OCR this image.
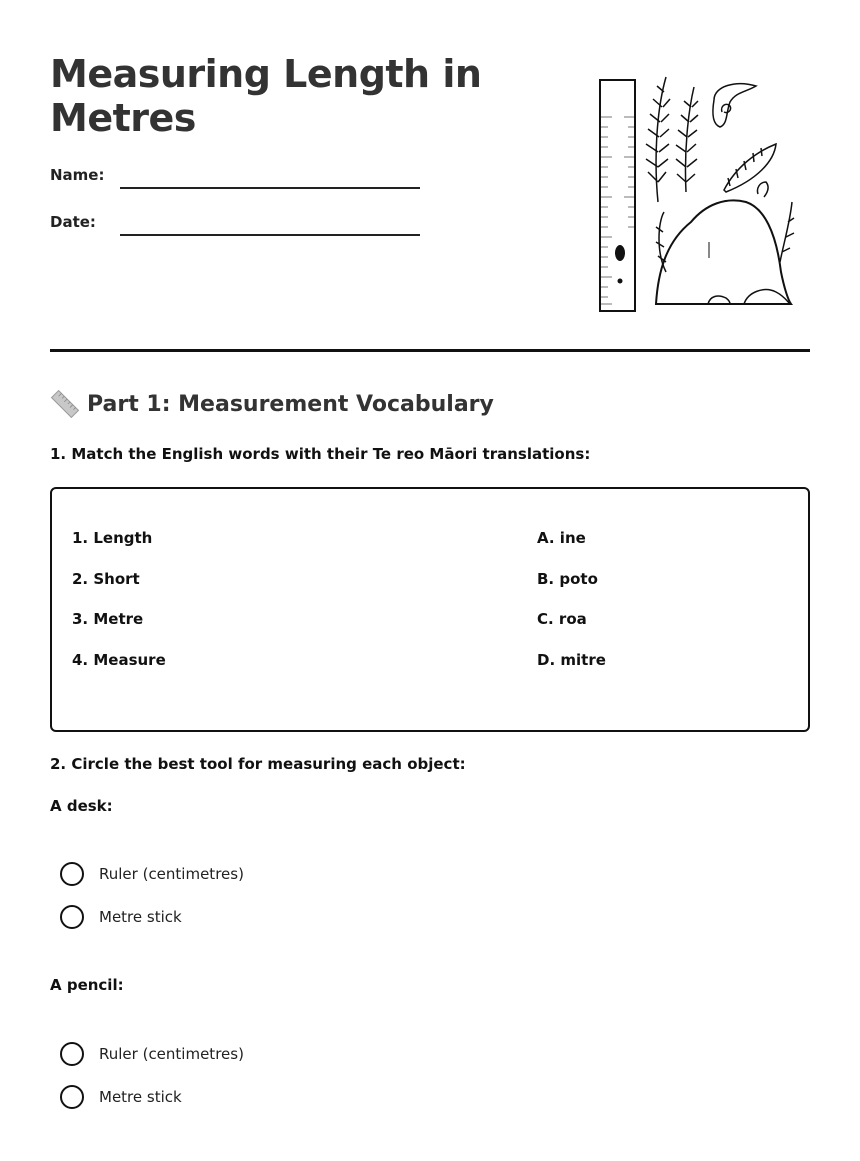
Measuring Length in Metres
Name:
Date:
Part 1: Measurement Vocabulary
1. Match the English words with their Te reo Māori translations:
1. Length
2. Short
3. Metre
4. Measure
A. ine
B. poto
C. roa
D. mitre
2. Circle the best tool for measuring each object:
A desk:
Ruler (centimetres)
Metre stick
A pencil:
Ruler (centimetres)
Metre stick
